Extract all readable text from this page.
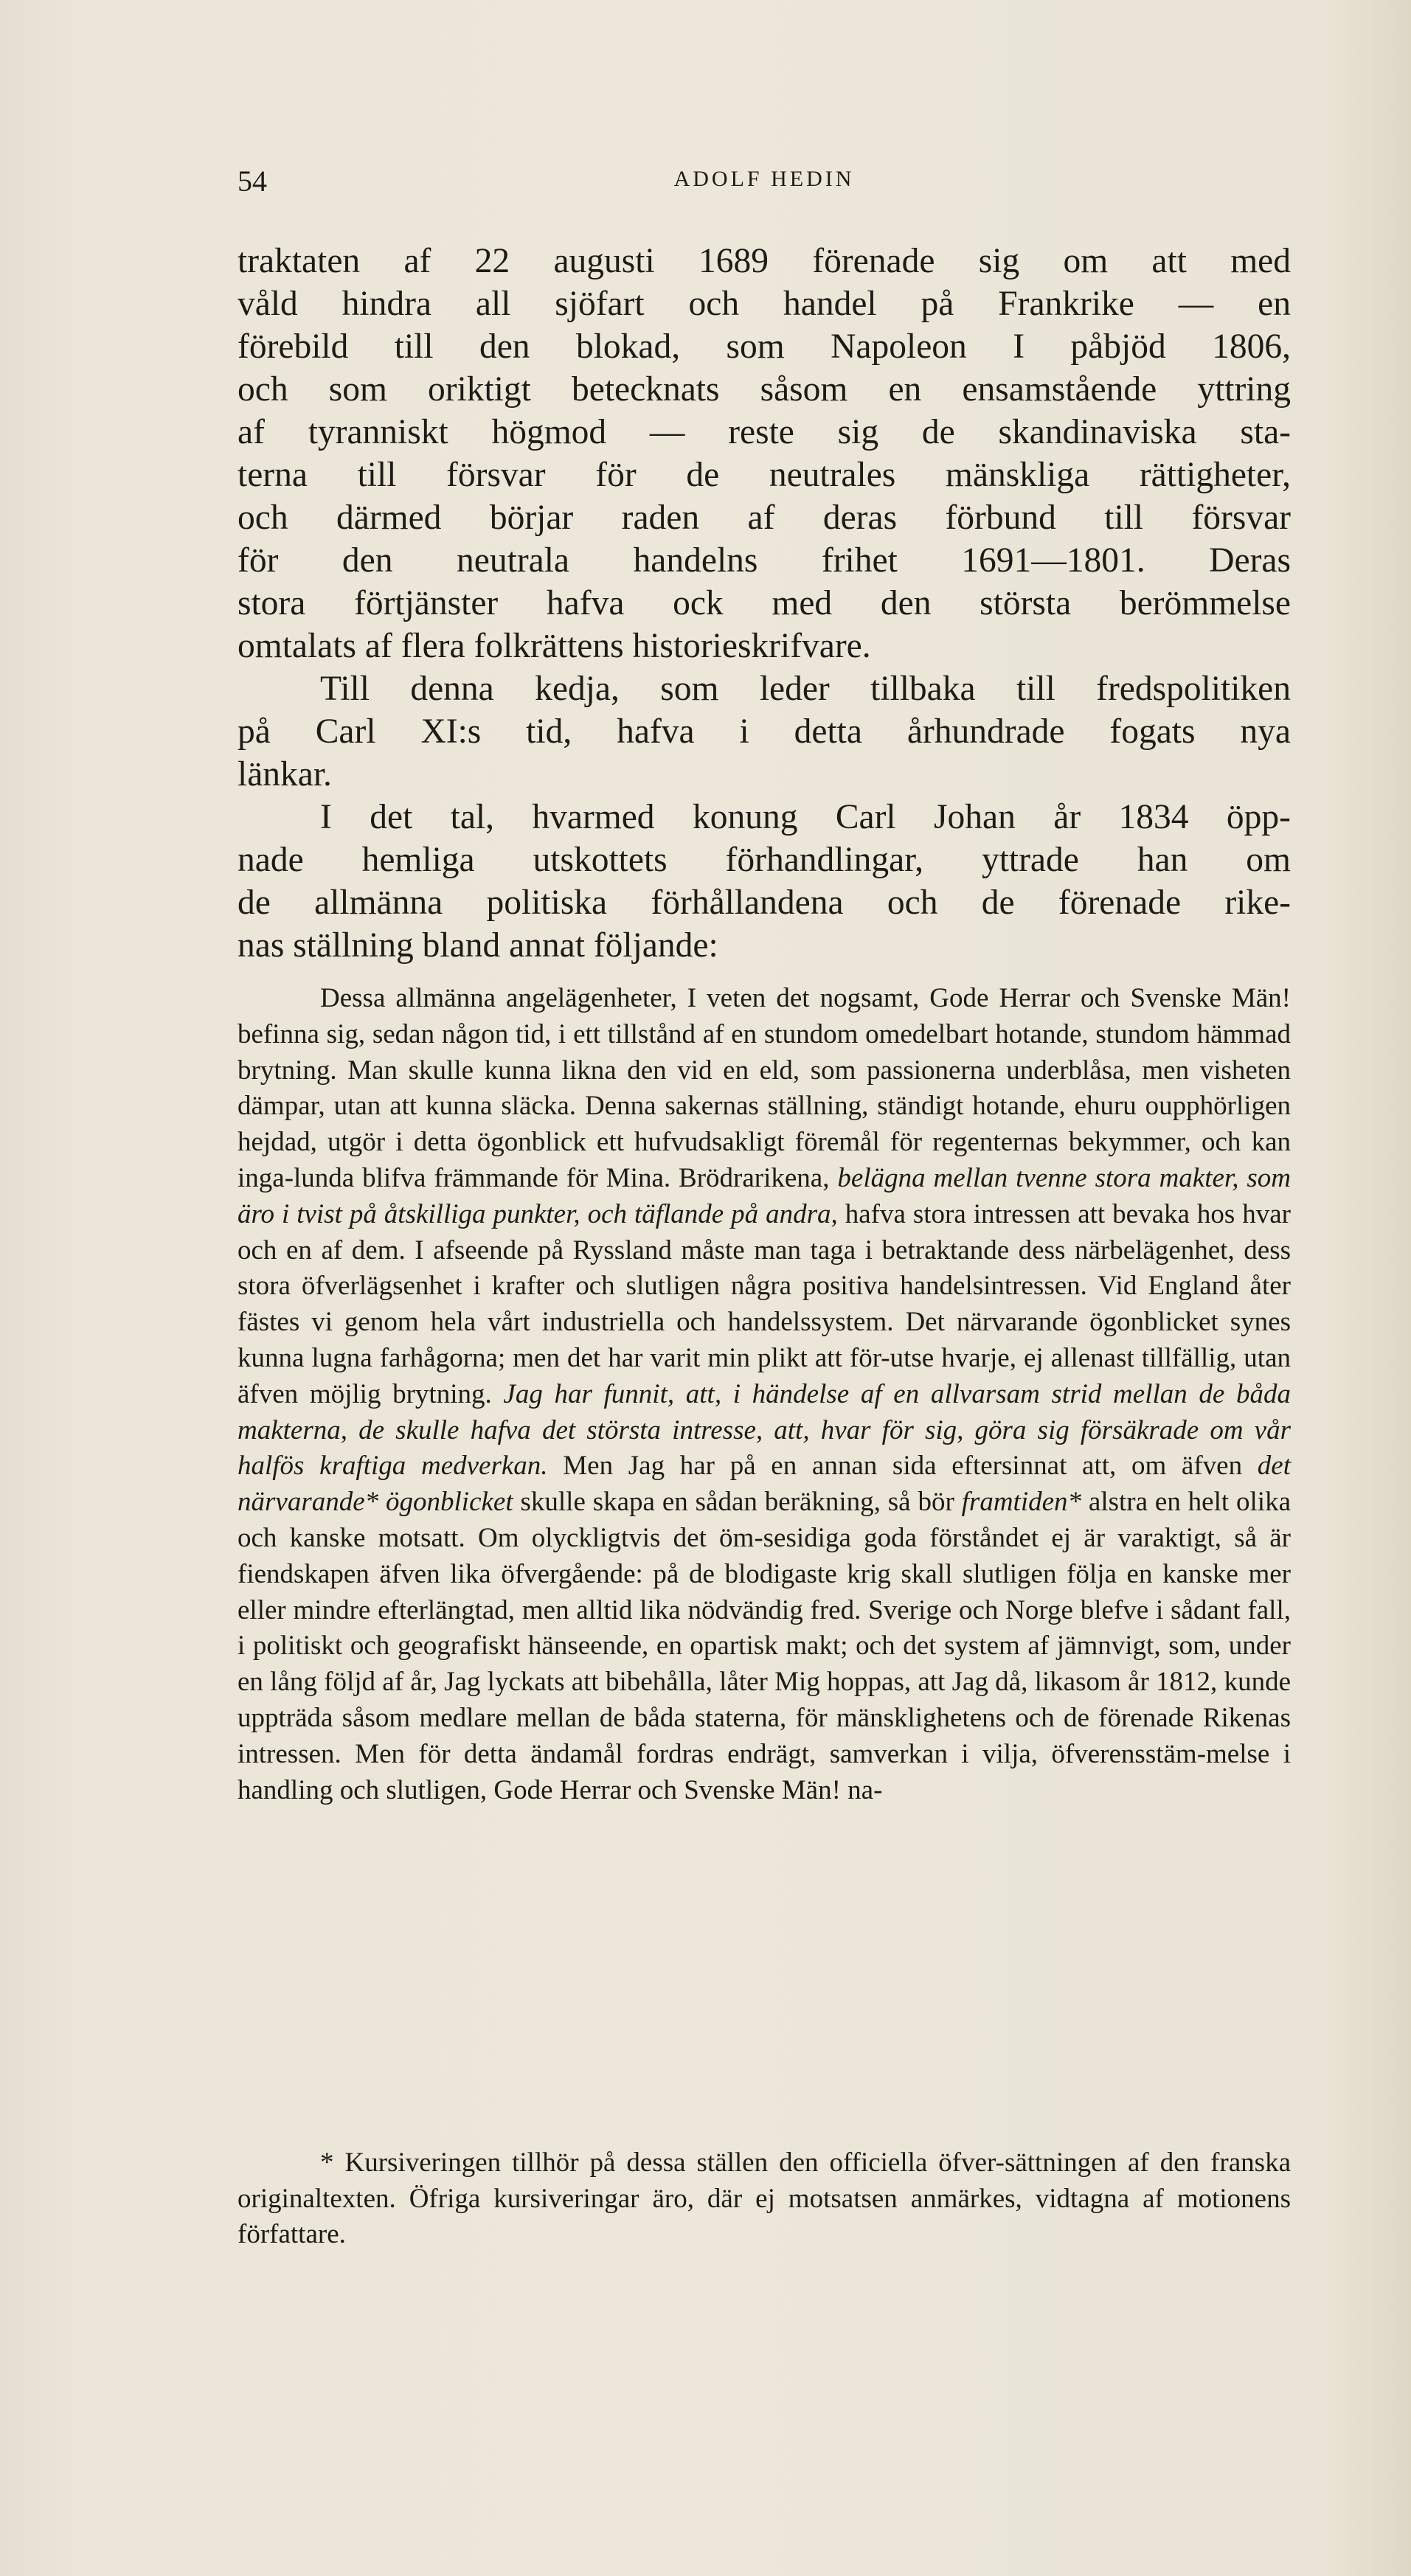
54	ADOLF HEDIN

traktaten af 22 augusti 1689 förenade sig om att med
våld hindra all sjöfart och handel på Frankrike — en
förebild till den blokad, som Napoleon I påbjöd 1806,
och som oriktigt betecknats såsom en ensamstående yttring
af tyranniskt högmod — reste sig de skandinaviska sta-
terna till försvar för de neutrales mänskliga rättigheter,
och därmed börjar raden af deras förbund till försvar
för den neutrala handelns frihet 1691—1801. Deras
stora förtjänster hafva ock med den största berömmelse
omtalats af flera folkrättens historieskrifvare.

Till denna kedja, som leder tillbaka till fredspolitiken
på Carl XI:s tid, hafva i detta århundrade fogats nya
länkar.

I det tal, hvarmed konung Carl Johan år 1834 öpp-
nade hemliga utskottets förhandlingar, yttrade han om
de allmänna politiska förhållandena och de förenade rike-
nas ställning bland annat följande:

Dessa allmänna angelägenheter, I veten det nogsamt, Gode Herrar och Svenske Män! befinna sig, sedan någon tid, i ett tillstånd af en stundom omedelbart hotande, stundom hämmad brytning. Man skulle kunna likna den vid en eld, som passionerna underblåsa, men visheten dämpar, utan att kunna släcka. Denna sakernas ställning, ständigt hotande, ehuru oupphörligen hejdad, utgör i detta ögonblick ett hufvudsakligt föremål för regenternas bekymmer, och kan inga-lunda blifva främmande för Mina. Brödrarikena, belägna mellan tvenne stora makter, som äro i tvist på åtskilliga punkter, och täflande på andra, hafva stora intressen att bevaka hos hvar och en af dem. I afseende på Ryssland måste man taga i betraktande dess närbelägenhet, dess stora öfverlägsenhet i krafter och slutligen några positiva handelsintressen. Vid England åter fästes vi genom hela vårt industriella och handelssystem. Det närvarande ögonblicket synes kunna lugna farhågorna; men det har varit min plikt att för-utse hvarje, ej allenast tillfällig, utan äfven möjlig brytning. Jag har funnit, att, i händelse af en allvarsam strid mellan de båda makterna, de skulle hafva det största intresse, att, hvar för sig, göra sig försäkrade om vår halfös kraftiga medverkan. Men Jag har på en annan sida eftersinnat att, om äfven det närvarande* ögonblicket skulle skapa en sådan beräkning, så bör framtiden* alstra en helt olika och kanske motsatt. Om olyckligtvis det öm-sesidiga goda förståndet ej är varaktigt, så är fiendskapen äfven lika öfvergående: på de blodigaste krig skall slutligen följa en kanske mer eller mindre efterlängtad, men alltid lika nödvändig fred. Sverige och Norge blefve i sådant fall, i politiskt och geografiskt hänseende, en opartisk makt; och det system af jämnvigt, som, under en lång följd af år, Jag lyckats att bibehålla, låter Mig hoppas, att Jag då, likasom år 1812, kunde uppträda såsom medlare mellan de båda staterna, för mänsklighetens och de förenade Rikenas intressen. Men för detta ändamål fordras endrägt, samverkan i vilja, öfverensstäm-melse i handling och slutligen, Gode Herrar och Svenske Män! na-
* Kursiveringen tillhör på dessa ställen den officiella öfver-sättningen af den franska originaltexten. Öfriga kursiveringar äro, där ej motsatsen anmärkes, vidtagna af motionens författare.
